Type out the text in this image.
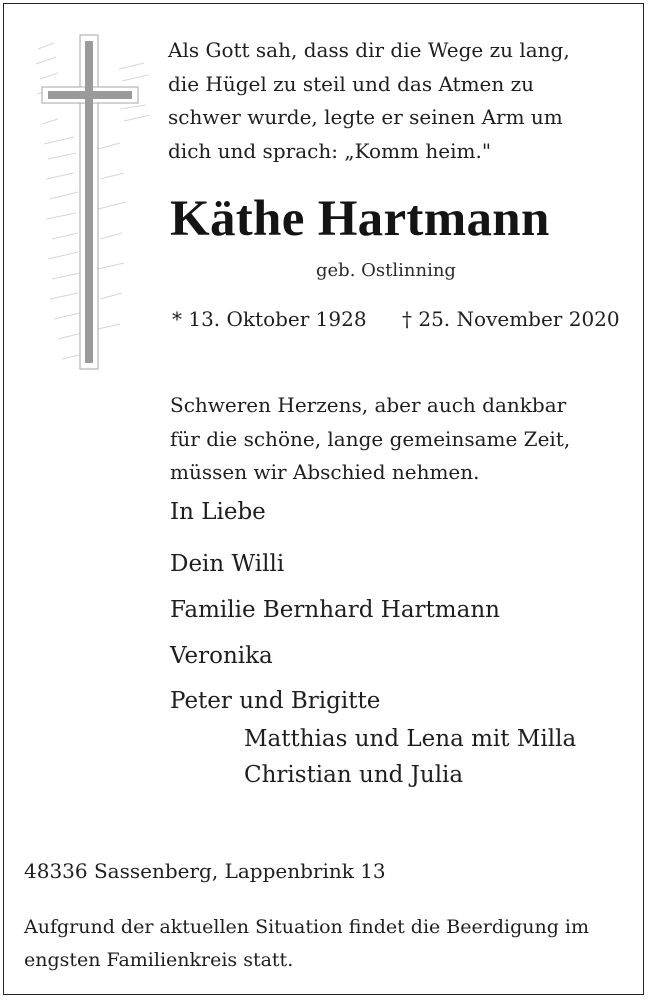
Als Gott sah, dass dir die Wege zu lang,
die Hügel zu steil und das Atmen zu
schwer wurde, legte er seinen Arm um
dich und sprach: „Komm heim."
Käthe Hartmann
geb. Ostlinning
* 13. Oktober 1928 † 25. November 2020
Schweren Herzens, aber auch dankbar
für die schöne, lange gemeinsame Zeit,
müssen wir Abschied nehmen.
In Liebe
Dein Willi
Familie Bernhard Hartmann
Veronika
Peter und Brigitte
Matthias und Lena mit Milla
Christian und Julia
48336 Sassenberg, Lappenbrink 13
Aufgrund der aktuellen Situation findet die Beerdigung im
engsten Familienkreis statt.
